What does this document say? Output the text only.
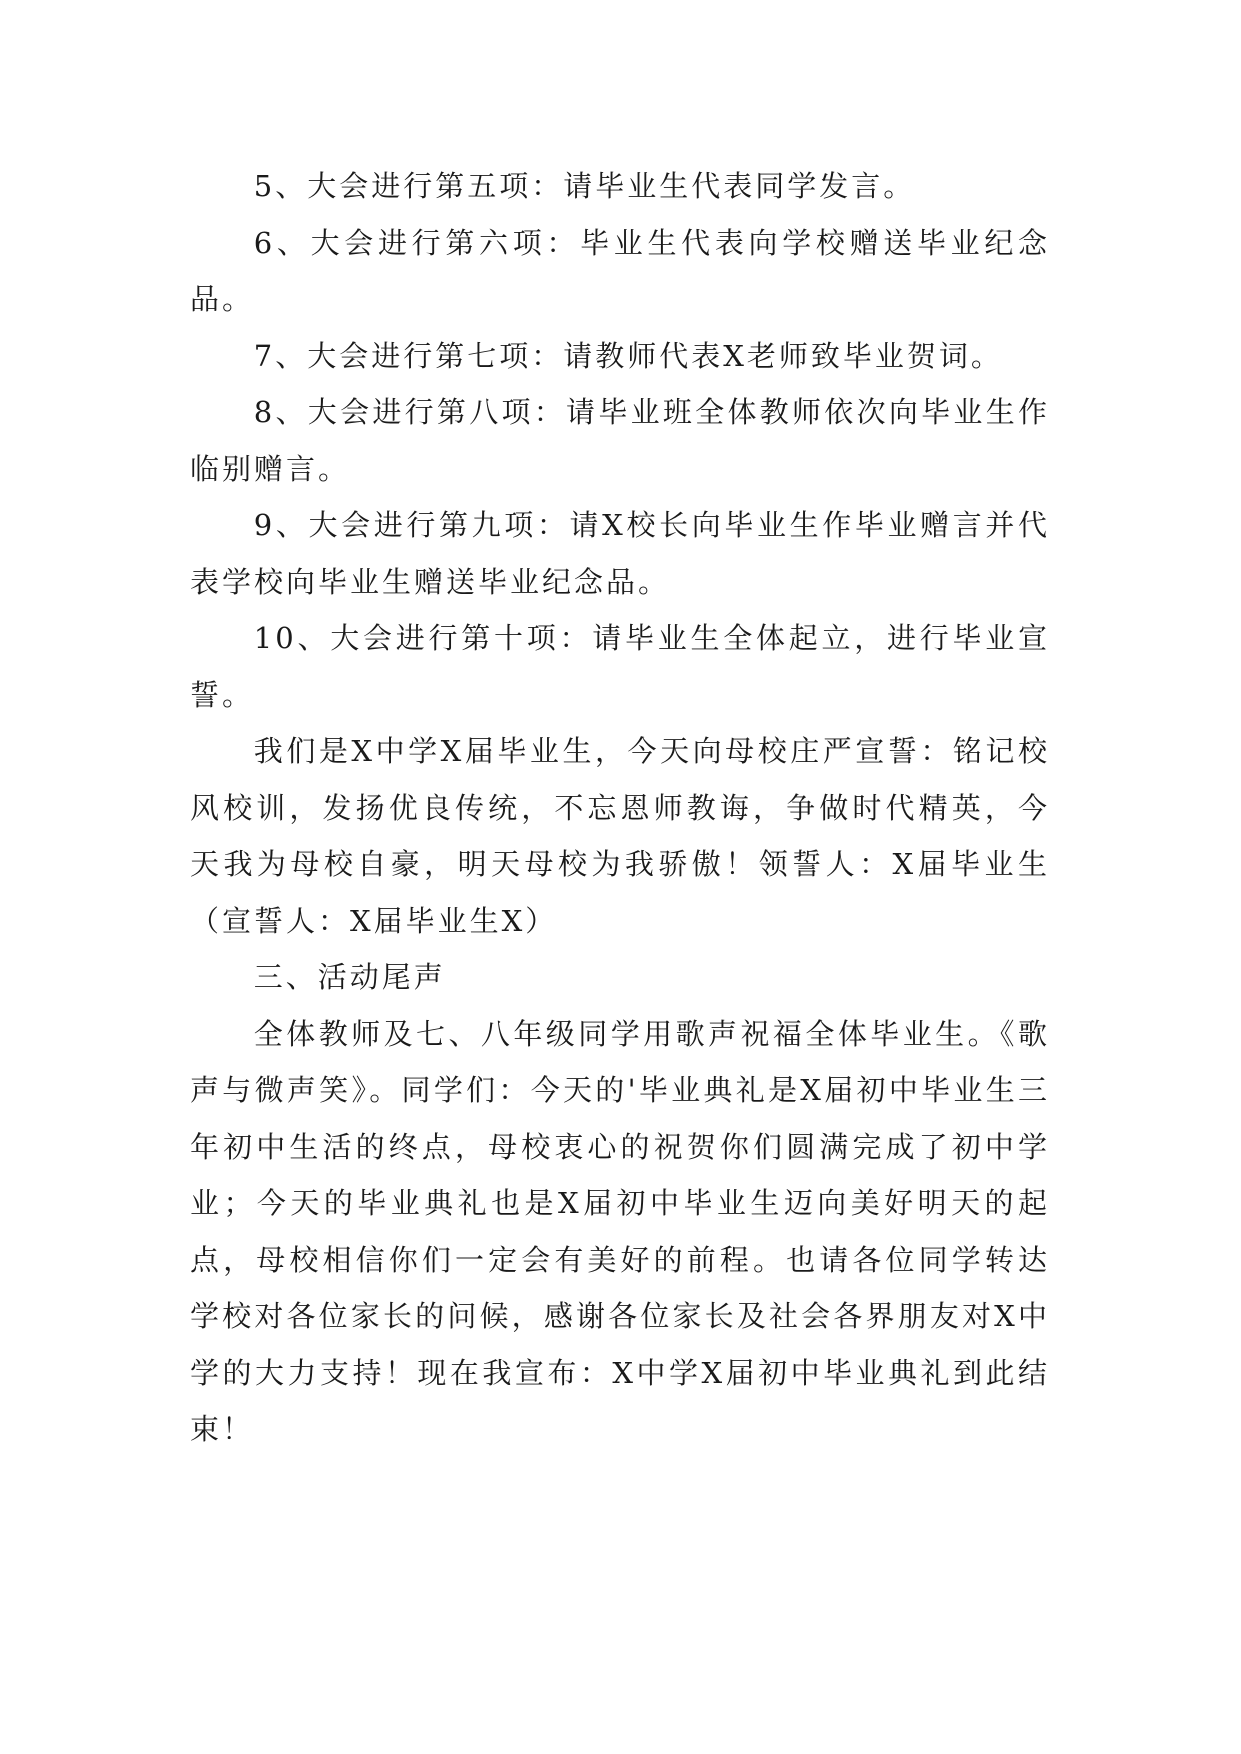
5、大会进行第五项：请毕业生代表同学发言。

6、大会进行第六项：毕业生代表向学校赠送毕业纪念品。

7、大会进行第七项：请教师代表X老师致毕业贺词。

8、大会进行第八项：请毕业班全体教师依次向毕业生作临别赠言。

9、大会进行第九项：请X校长向毕业生作毕业赠言并代表学校向毕业生赠送毕业纪念品。

10、大会进行第十项：请毕业生全体起立，进行毕业宣誓。

我们是X中学X届毕业生，今天向母校庄严宣誓：铭记校风校训，发扬优良传统，不忘恩师教诲，争做时代精英，今天我为母校自豪，明天母校为我骄傲！领誓人：X届毕业生（宣誓人：X届毕业生X）

三、活动尾声

全体教师及七、八年级同学用歌声祝福全体毕业生。《歌声与微声笑》。同学们：今天的'毕业典礼是X届初中毕业生三年初中生活的终点，母校衷心的祝贺你们圆满完成了初中学业；今天的毕业典礼也是X届初中毕业生迈向美好明天的起点，母校相信你们一定会有美好的前程。也请各位同学转达学校对各位家长的问候，感谢各位家长及社会各界朋友对X中学的大力支持！现在我宣布：X中学X届初中毕业典礼到此结束！
